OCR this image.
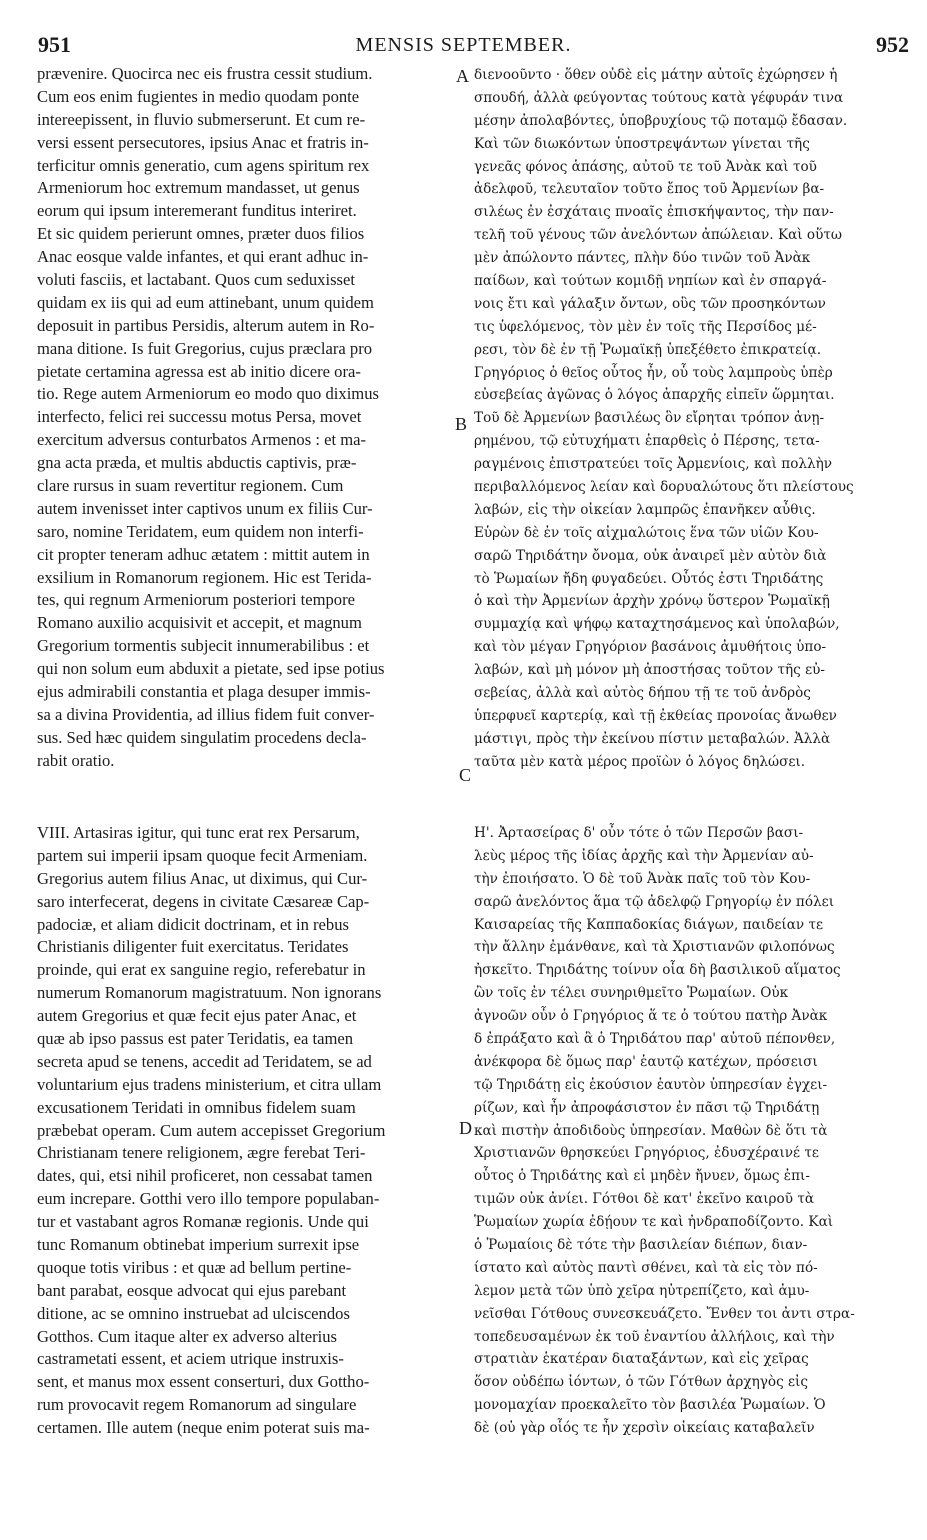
951	MENSIS SEPTEMBER.	952
A
B
C
D
prævenire. Quocirca nec eis frustra cessit studium.
Cum eos enim fugientes in medio quodam ponte
intereepissent, in fluvio submerserunt. Et cum re-
versi essent persecutores, ipsius Anac et fratris in-
terficitur omnis generatio, cum agens spiritum rex
Armeniorum hoc extremum mandasset, ut genus
eorum qui ipsum interemerant funditus interiret.
Et sic quidem perierunt omnes, præter duos filios
Anac eosque valde infantes, et qui erant adhuc in-
voluti fasciis, et lactabant. Quos cum seduxisset
quidam ex iis qui ad eum attinebant, unum quidem
deposuit in partibus Persidis, alterum autem in Ro-
mana ditione. Is fuit Gregorius, cujus præclara pro
pietate certamina agressa est ab initio dicere ora-
tio. Rege autem Armeniorum eo modo quo diximus
interfecto, felici rei successu motus Persa, movet
exercitum adversus conturbatos Armenos : et ma-
gna acta præda, et multis abductis captivis, præ-
clare rursus in suam revertitur regionem. Cum
autem invenisset inter captivos unum ex filiis Cur-
saro, nomine Teridatem, eum quidem non interfi-
cit propter teneram adhuc ætatem : mittit autem in
exsilium in Romanorum regionem. Hic est Terida-
tes, qui regnum Armeniorum posteriori tempore
Romano auxilio acquisivit et accepit, et magnum
Gregorium tormentis subjecit innumerabilibus : et
qui non solum eum abduxit a pietate, sed ipse potius
ejus admirabili constantia et plaga desuper immis-
sa a divina Providentia, ad illius fidem fuit conver-
sus. Sed hæc quidem singulatim procedens decla-
rabit oratio.
διενοοῦντο · ὅθεν οὐδὲ εἰς μάτην αὐτοῖς ἐχώρησεν ἡ
σπουδή, ἀλλὰ φεύγοντας τούτους κατὰ γέφυράν τινα
μέσην ἀπολαβόντες, ὑποβρυχίους τῷ ποταμῷ ἔδασαν.
Καὶ τῶν διωκόντων ὑποστρεψάντων γίνεται τῆς
γενεᾶς φόνος ἁπάσης, αὐτοῦ τε τοῦ Ἀνὰκ καὶ τοῦ
ἀδελφοῦ, τελευταῖον τοῦτο ἔπος τοῦ Ἀρμενίων βα-
σιλέως ἐν ἐσχάταις πνοαῖς ἐπισκήψαντος, τὴν παν-
τελῆ τοῦ γένους τῶν ἀνελόντων ἀπώλειαν. Καὶ οὕτω
μὲν ἀπώλοντο πάντες, πλὴν δύο τινῶν τοῦ Ἀνὰκ
παίδων, καὶ τούτων κομιδῇ νηπίων καὶ ἐν σπαργά-
νοις ἔτι καὶ γάλαξιν ὄντων, οὓς τῶν προσηκόντων
τις ὑφελόμενος, τὸν μὲν ἐν τοῖς τῆς Περσίδος μέ-
ρεσι, τὸν δὲ ἐν τῇ Ῥωμαϊκῇ ὑπεξέθετο ἐπικρατείᾳ.
Γρηγόριος ὁ θεῖος οὗτος ἦν, οὗ τοὺς λαμπροὺς ὑπὲρ
εὐσεβείας ἀγῶνας ὁ λόγος ἀπαρχῆς εἰπεῖν ὥρμηται.
Τοῦ δὲ Ἀρμενίων βασιλέως ὃν εἴρηται τρόπον ἀνῃ-
ρημένου, τῷ εὐτυχήματι ἐπαρθεὶς ὁ Πέρσης, τετα-
ραγμένοις ἐπιστρατεύει τοῖς Ἀρμενίοις, καὶ πολλὴν
περιβαλλόμενος λείαν καὶ δορυαλώτους ὅτι πλείστους
λαβών, εἰς τὴν οἰκείαν λαμπρῶς ἐπανῆκεν αὖθις.
Εὑρὼν δὲ ἐν τοῖς αἰχμαλώτοις ἕνα τῶν υἱῶν Κου-
σαρῶ Τηριδάτην ὄνομα, οὐκ ἀναιρεῖ μὲν αὐτὸν διὰ
τὸ Ῥωμαίων ἤδη φυγαδεύει. Οὗτός ἐστι Τηριδάτης
ὁ καὶ τὴν Ἀρμενίων ἀρχὴν χρόνῳ ὕστερον Ῥωμαϊκῇ
συμμαχίᾳ καὶ ψήφῳ καταχτησάμενος καὶ ὑπολαβών,
καὶ τὸν μέγαν Γρηγόριον βασάνοις ἀμυθήτοις ὑπο-
λαβών, καὶ μὴ μόνον μὴ ἀποστήσας τοῦτον τῆς εὐ-
σεβείας, ἀλλὰ καὶ αὐτὸς δήπου τῇ τε τοῦ ἀνδρὸς
ὑπερφυεῖ καρτερίᾳ, καὶ τῇ ἐκθείας προνοίας ἄνωθεν
μάστιγι, πρὸς τὴν ἐκείνου πίστιν μεταβαλών. Ἀλλὰ
ταῦτα μὲν κατὰ μέρος προϊὼν ὁ λόγος δηλώσει.
VIII. Artasiras igitur, qui tunc erat rex Persarum,
partem sui imperii ipsam quoque fecit Armeniam.
Gregorius autem filius Anac, ut diximus, qui Cur-
saro interfecerat, degens in civitate Cæsareæ Cap-
padociæ, et aliam didicit doctrinam, et in rebus
Christianis diligenter fuit exercitatus. Teridates
proinde, qui erat ex sanguine regio, referebatur in
numerum Romanorum magistratuum. Non ignorans
autem Gregorius et quæ fecit ejus pater Anac, et
quæ ab ipso passus est pater Teridatis, ea tamen
secreta apud se tenens, accedit ad Teridatem, se ad
voluntarium ejus tradens ministerium, et citra ullam
excusationem Teridati in omnibus fidelem suam
præbebat operam. Cum autem accepisset Gregorium
Christianam tenere religionem, ægre ferebat Teri-
dates, qui, etsi nihil proficeret, non cessabat tamen
eum increpare. Gotthi vero illo tempore populaban-
tur et vastabant agros Romanæ regionis. Unde qui
tunc Romanum obtinebat imperium surrexit ipse
quoque totis viribus : et quæ ad bellum pertine-
bant parabat, eosque advocat qui ejus parebant
ditione, ac se omnino instruebat ad ulciscendos
Gotthos. Cum itaque alter ex adverso alterius
castrametati essent, et aciem utrique instruxis-
sent, et manus mox essent conserturi, dux Gottho-
rum provocavit regem Romanorum ad singulare
certamen. Ille autem (neque enim poterat suis ma-
Η'. Ἀρτασείρας δ' οὖν τότε ὁ τῶν Περσῶν βασι-
λεὺς μέρος τῆς ἰδίας ἀρχῆς καὶ τὴν Ἀρμενίαν αὐ-
τὴν ἐποιήσατο. Ὁ δὲ τοῦ Ἀνὰκ παῖς τοῦ τὸν Κου-
σαρῶ ἀνελόντος ἅμα τῷ ἀδελφῷ Γρηγορίῳ ἐν πόλει
Καισαρείας τῆς Καππαδοκίας διάγων, παιδείαν τε
τὴν ἄλλην ἐμάνθανε, καὶ τὰ Χριστιανῶν φιλοπόνως
ἠσκεῖτο. Τηριδάτης τοίνυν οἷα δὴ βασιλικοῦ αἵματος
ὢν τοῖς ἐν τέλει συνηριθμεῖτο Ῥωμαίων. Οὐκ
ἀγνοῶν οὖν ὁ Γρηγόριος ἅ τε ὁ τούτου πατὴρ Ἀνὰκ
δ ἐπράξατο καὶ ἃ ὁ Τηριδάτου παρ' αὐτοῦ πέπονθεν,
ἀνέκφορα δὲ ὅμως παρ' ἑαυτῷ κατέχων, πρόσεισι
τῷ Τηριδάτῃ εἰς ἑκούσιον ἑαυτὸν ὑπηρεσίαν ἐγχει-
ρίζων, καὶ ἦν ἀπροφάσιστον ἐν πᾶσι τῷ Τηριδάτῃ
καὶ πιστὴν ἀποδιδοὺς ὑπηρεσίαν. Μαθὼν δὲ ὅτι τὰ
Χριστιανῶν θρησκεύει Γρηγόριος, ἐδυσχέραινέ τε
οὗτος ὁ Τηριδάτης καὶ εἰ μηδὲν ἤνυεν, ὅμως ἐπι-
τιμῶν οὐκ ἀνίει. Γότθοι δὲ κατ' ἐκεῖνο καιροῦ τὰ
Ῥωμαίων χωρία ἐδῄουν τε καὶ ἠνδραποδίζοντο. Καὶ
ὁ Ῥωμαίοις δὲ τότε τὴν βασιλείαν διέπων, διαν-
ίστατο καὶ αὐτὸς παντὶ σθένει, καὶ τὰ εἰς τὸν πό-
λεμον μετὰ τῶν ὑπὸ χεῖρα ηὐτρεπίζετο, καὶ ἀμυ-
νεῖσθαι Γότθους συνεσκευάζετο. Ἔνθεν τοι ἀντι στρα-
τοπεδευσαμένων ἐκ τοῦ ἐναντίου ἀλλήλοις, καὶ τὴν
στρατιὰν ἑκατέραν διαταξάντων, καὶ εἰς χεῖρας
ὅσον οὐδέπω ἰόντων, ὁ τῶν Γότθων ἀρχηγὸς εἰς
μονομαχίαν προεκαλεῖτο τὸν βασιλέα Ῥωμαίων. Ὁ
δὲ (οὐ γὰρ οἷός τε ἦν χερσὶν οἰκείαις καταβαλεῖν
